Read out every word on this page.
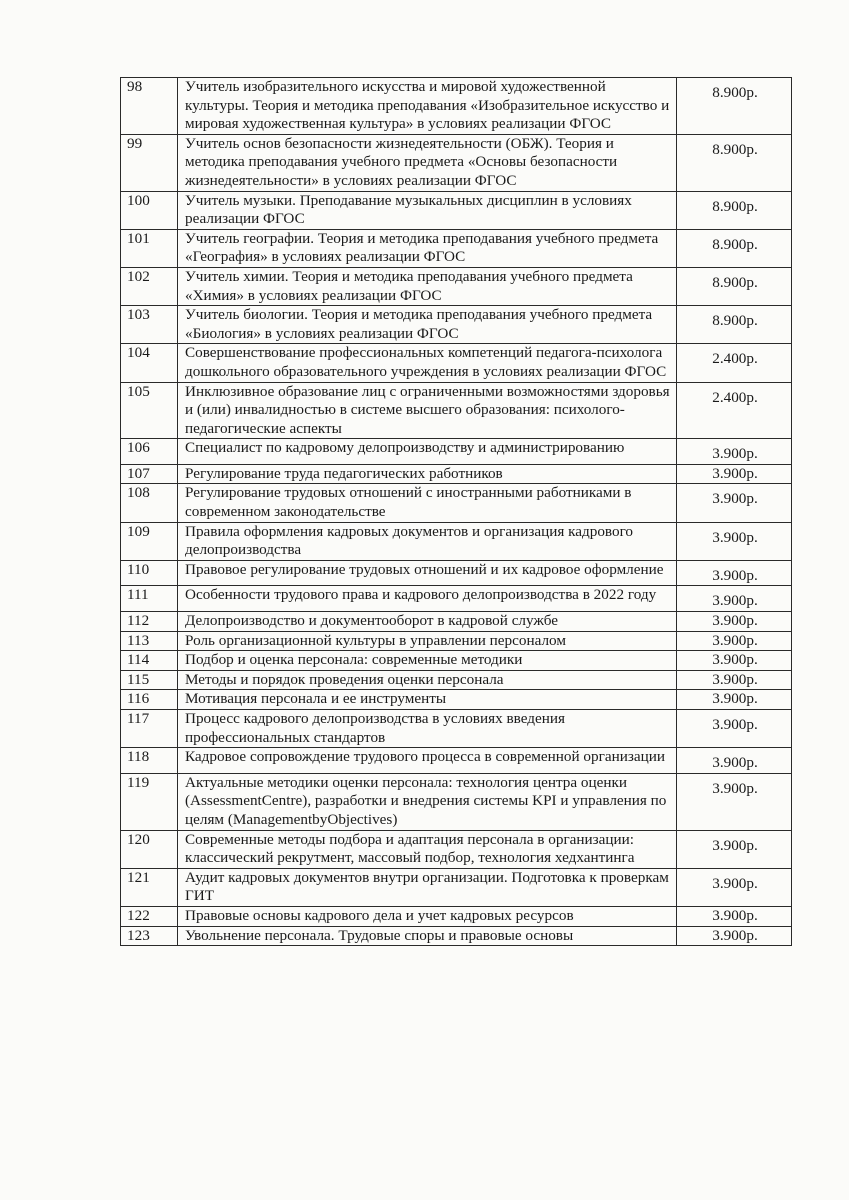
98	Учитель изобразительного искусства и мировой художественной культуры. Теория и методика преподавания «Изобразительное искусство и мировая художественная культура» в условиях реализации ФГОС	8.900р.
99	Учитель основ безопасности жизнедеятельности (ОБЖ). Теория и методика преподавания учебного предмета «Основы безопасности жизнедеятельности» в условиях реализации ФГОС	8.900р.
100	Учитель музыки. Преподавание музыкальных дисциплин в условиях реализации ФГОС	8.900р.
101	Учитель географии. Теория и методика преподавания учебного предмета «География» в условиях реализации ФГОС	8.900р.
102	Учитель химии. Теория и методика преподавания учебного предмета «Химия» в условиях реализации ФГОС	8.900р.
103	Учитель биологии. Теория и методика преподавания учебного предмета «Биология» в условиях реализации ФГОС	8.900р.
104	Совершенствование профессиональных компетенций педагога-психолога дошкольного образовательного учреждения в условиях реализации ФГОС	2.400р.
105	Инклюзивное образование лиц с ограниченными возможностями здоровья и (или) инвалидностью в системе высшего образования: психолого-педагогические аспекты	2.400р.
106	Специалист по кадровому делопроизводству и администрированию	3.900р.
107	Регулирование труда педагогических работников	3.900р.
108	Регулирование трудовых отношений с иностранными работниками в современном законодательстве	3.900р.
109	Правила оформления кадровых документов и организация кадрового делопроизводства	3.900р.
110	Правовое регулирование трудовых отношений и их кадровое оформление	3.900р.
111	Особенности трудового права и кадрового делопроизводства в 2022 году	3.900р.
112	Делопроизводство и документооборот в кадровой службе	3.900р.
113	Роль организационной культуры в управлении персоналом	3.900р.
114	Подбор и оценка персонала: современные методики	3.900р.
115	Методы и порядок проведения оценки персонала	3.900р.
116	Мотивация персонала и ее инструменты	3.900р.
117	Процесс кадрового делопроизводства в условиях введения профессиональных стандартов	3.900р.
118	Кадровое сопровождение трудового процесса в современной организации	3.900р.
119	Актуальные методики оценки персонала: технология центра оценки (AssessmentCentre), разработки и внедрения системы KPI и управления по целям (ManagementbyObjectives)	3.900р.
120	Современные методы подбора и адаптация персонала в организации: классический рекрутмент, массовый подбор, технология хедхантинга	3.900р.
121	Аудит кадровых документов внутри организации. Подготовка к проверкам ГИТ	3.900р.
122	Правовые основы кадрового дела и учет кадровых ресурсов	3.900р.
123	Увольнение персонала. Трудовые споры и правовые основы	3.900р.
